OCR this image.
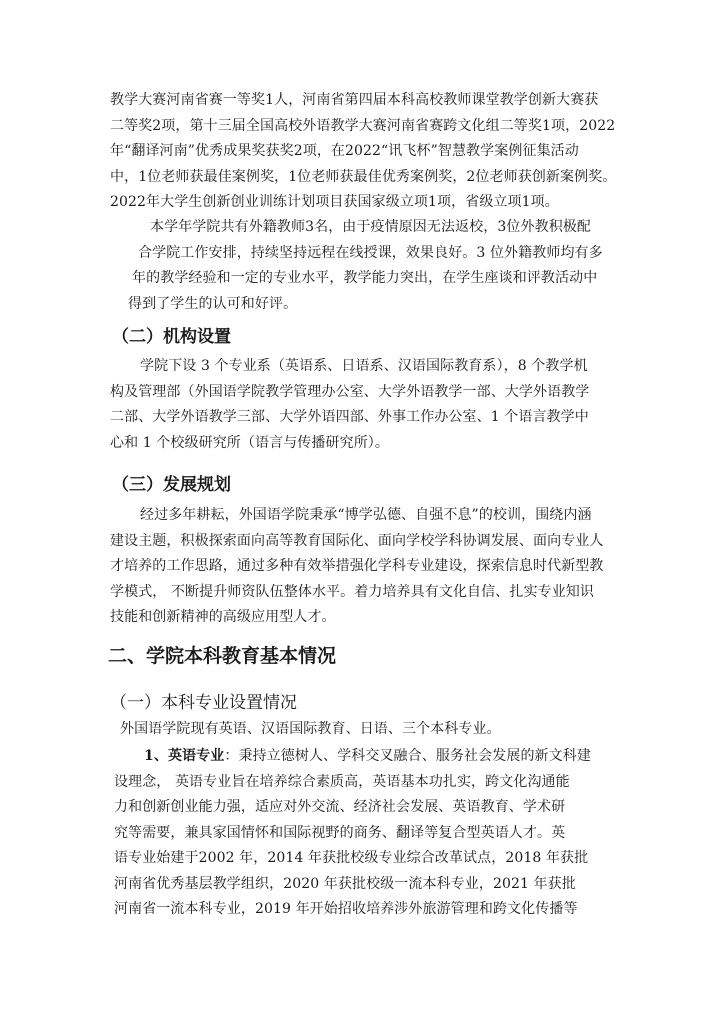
教学大赛河南省赛一等奖1人，河南省第四届本科高校教师课堂教学创新大赛获
二等奖2项，第十三届全国高校外语教学大赛河南省赛跨文化组二等奖1项，2022
年“翻译河南”优秀成果奖获奖2项，在2022“讯飞杯”智慧教学案例征集活动
中，1位老师获最佳案例奖，1位老师获最佳优秀案例奖，2位老师获创新案例奖。
2022年大学生创新创业训练计划项目获国家级立项1项，省级立项1项。
本学年学院共有外籍教师3名，由于疫情原因无法返校，3位外教积极配
合学院工作安排，持续坚持远程在线授课，效果良好。3 位外籍教师均有多
年的教学经验和一定的专业水平，教学能力突出，在学生座谈和评教活动中
得到了学生的认可和好评。
（二）机构设置
学院下设 3 个专业系（英语系、日语系、汉语国际教育系），8 个教学机
构及管理部（外国语学院教学管理办公室、大学外语教学一部、大学外语教学
二部、大学外语教学三部、大学外语四部、外事工作办公室、1 个语言教学中
心和 1 个校级研究所（语言与传播研究所）。
（三）发展规划
经过多年耕耘，外国语学院秉承“博学弘德、自强不息”的校训，围绕内涵
建设主题，积极探索面向高等教育国际化、面向学校学科协调发展、面向专业人
才培养的工作思路，通过多种有效举措强化学科专业建设，探索信息时代新型教
学模式， 不断提升师资队伍整体水平。着力培养具有文化自信、扎实专业知识
技能和创新精神的高级应用型人才。
二、学院本科教育基本情况
（一）本科专业设置情况
外国语学院现有英语、汉语国际教育、日语、三个本科专业。
1、英语专业：秉持立德树人、学科交叉融合、服务社会发展的新文科建
设理念， 英语专业旨在培养综合素质高，英语基本功扎实，跨文化沟通能
力和创新创业能力强，适应对外交流、经济社会发展、英语教育、学术研
究等需要，兼具家国情怀和国际视野的商务、翻译等复合型英语人才。英
语专业始建于2002 年，2014 年获批校级专业综合改革试点，2018 年获批
河南省优秀基层教学组织，2020 年获批校级一流本科专业，2021 年获批
河南省一流本科专业，2019 年开始招收培养涉外旅游管理和跨文化传播等
